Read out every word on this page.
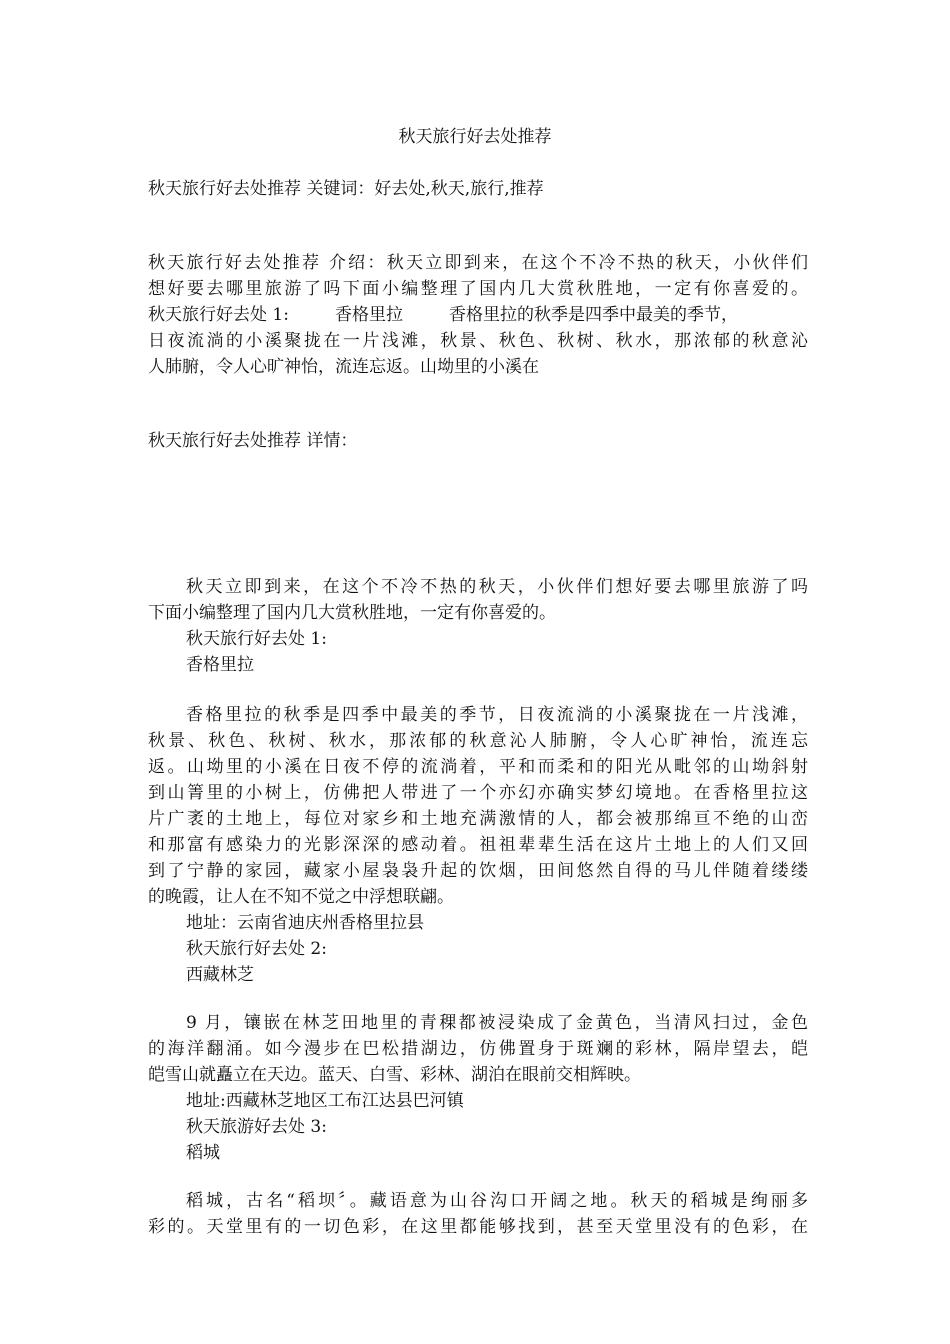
秋天旅行好去处推荐
秋天旅行好去处推荐 关键词：好去处,秋天,旅行,推荐
秋天旅行好去处推荐 介绍：秋天立即到来，在这个不冷不热的秋天，小伙伴们
想好要去哪里旅游了吗下面小编整理了国内几大赏秋胜地，一定有你喜爱的。
秋天旅行好去处 1:	香格里拉	香格里拉的秋季是四季中最美的季节，
日夜流淌的小溪聚拢在一片浅滩，秋景、秋色、秋树、秋水，那浓郁的秋意沁
人肺腑，令人心旷神怡，流连忘返。山坳里的小溪在
秋天旅行好去处推荐 详情：
秋天立即到来，在这个不冷不热的秋天，小伙伴们想好要去哪里旅游了吗
下面小编整理了国内几大赏秋胜地，一定有你喜爱的。
秋天旅行好去处 1:
香格里拉
香格里拉的秋季是四季中最美的季节，日夜流淌的小溪聚拢在一片浅滩，
秋景、秋色、秋树、秋水，那浓郁的秋意沁人肺腑，令人心旷神怡，流连忘
返。山坳里的小溪在日夜不停的流淌着，平和而柔和的阳光从毗邻的山坳斜射
到山箐里的小树上，仿佛把人带进了一个亦幻亦确实梦幻境地。在香格里拉这
片广袤的土地上，每位对家乡和土地充满激情的人，都会被那绵亘不绝的山峦
和那富有感染力的光影深深的感动着。祖祖辈辈生活在这片土地上的人们又回
到了宁静的家园，藏家小屋袅袅升起的饮烟，田间悠然自得的马儿伴随着缕缕
的晚霞，让人在不知不觉之中浮想联翩。
地址：云南省迪庆州香格里拉县
秋天旅行好去处 2:
西藏林芝
9 月，镶嵌在林芝田地里的青稞都被浸染成了金黄色，当清风扫过，金色
的海洋翻涌。如今漫步在巴松措湖边，仿佛置身于斑斓的彩林，隔岸望去，皑
皑雪山就矗立在天边。蓝天、白雪、彩林、湖泊在眼前交相辉映。
地址:西藏林芝地区工布江达县巴河镇
秋天旅游好去处 3:
稻城
稻城，古名“稻坝〞。藏语意为山谷沟口开阔之地。秋天的稻城是绚丽多
彩的。天堂里有的一切色彩，在这里都能够找到，甚至天堂里没有的色彩，在
